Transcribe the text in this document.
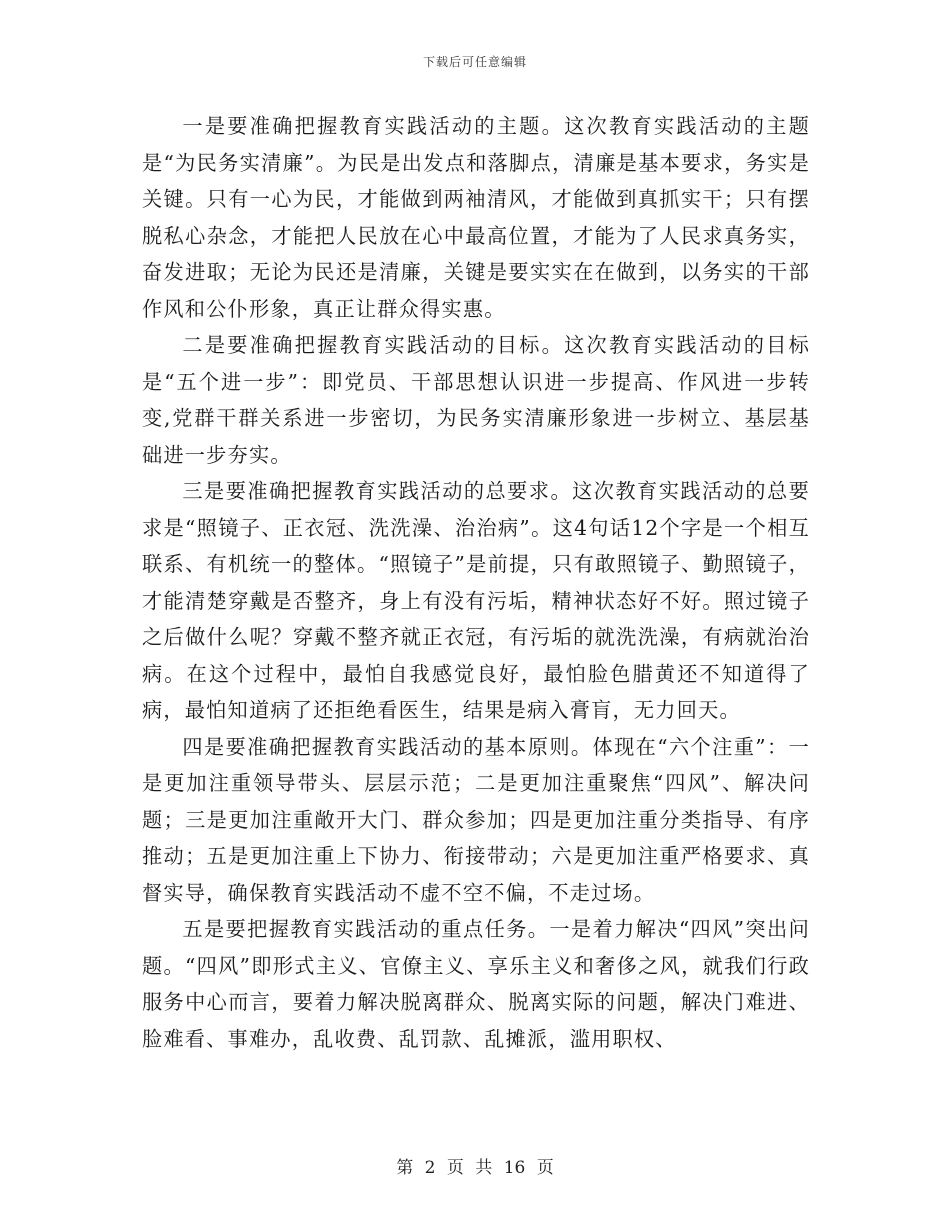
下载后可任意编辑

一是要准确把握教育实践活动的主题。这次教育实践活动的主题是“为民务实清廉”。为民是出发点和落脚点，清廉是基本要求，务实是关键。只有一心为民，才能做到两袖清风，才能做到真抓实干；只有摆脱私心杂念，才能把人民放在心中最高位置，才能为了人民求真务实，奋发进取；无论为民还是清廉，关键是要实实在在做到，以务实的干部作风和公仆形象，真正让群众得实惠。

二是要准确把握教育实践活动的目标。这次教育实践活动的目标是“五个进一步”：即党员、干部思想认识进一步提高、作风进一步转变,党群干群关系进一步密切，为民务实清廉形象进一步树立、基层基础进一步夯实。

三是要准确把握教育实践活动的总要求。这次教育实践活动的总要求是“照镜子、正衣冠、洗洗澡、治治病”。这4句话12个字是一个相互联系、有机统一的整体。“照镜子”是前提，只有敢照镜子、勤照镜子，才能清楚穿戴是否整齐，身上有没有污垢，精神状态好不好。照过镜子之后做什么呢？穿戴不整齐就正衣冠，有污垢的就洗洗澡，有病就治治病。在这个过程中，最怕自我感觉良好，最怕脸色腊黄还不知道得了病，最怕知道病了还拒绝看医生，结果是病入膏肓，无力回天。

四是要准确把握教育实践活动的基本原则。体现在“六个注重”：一是更加注重领导带头、层层示范；二是更加注重聚焦“四风”、解决问题；三是更加注重敞开大门、群众参加；四是更加注重分类指导、有序推动；五是更加注重上下协力、衔接带动；六是更加注重严格要求、真督实导，确保教育实践活动不虚不空不偏，不走过场。

五是要把握教育实践活动的重点任务。一是着力解决“四风”突出问题。“四风”即形式主义、官僚主义、享乐主义和奢侈之风，就我们行政服务中心而言，要着力解决脱离群众、脱离实际的问题，解决门难进、脸难看、事难办，乱收费、乱罚款、乱摊派，滥用职权、

第 2 页 共 16 页
